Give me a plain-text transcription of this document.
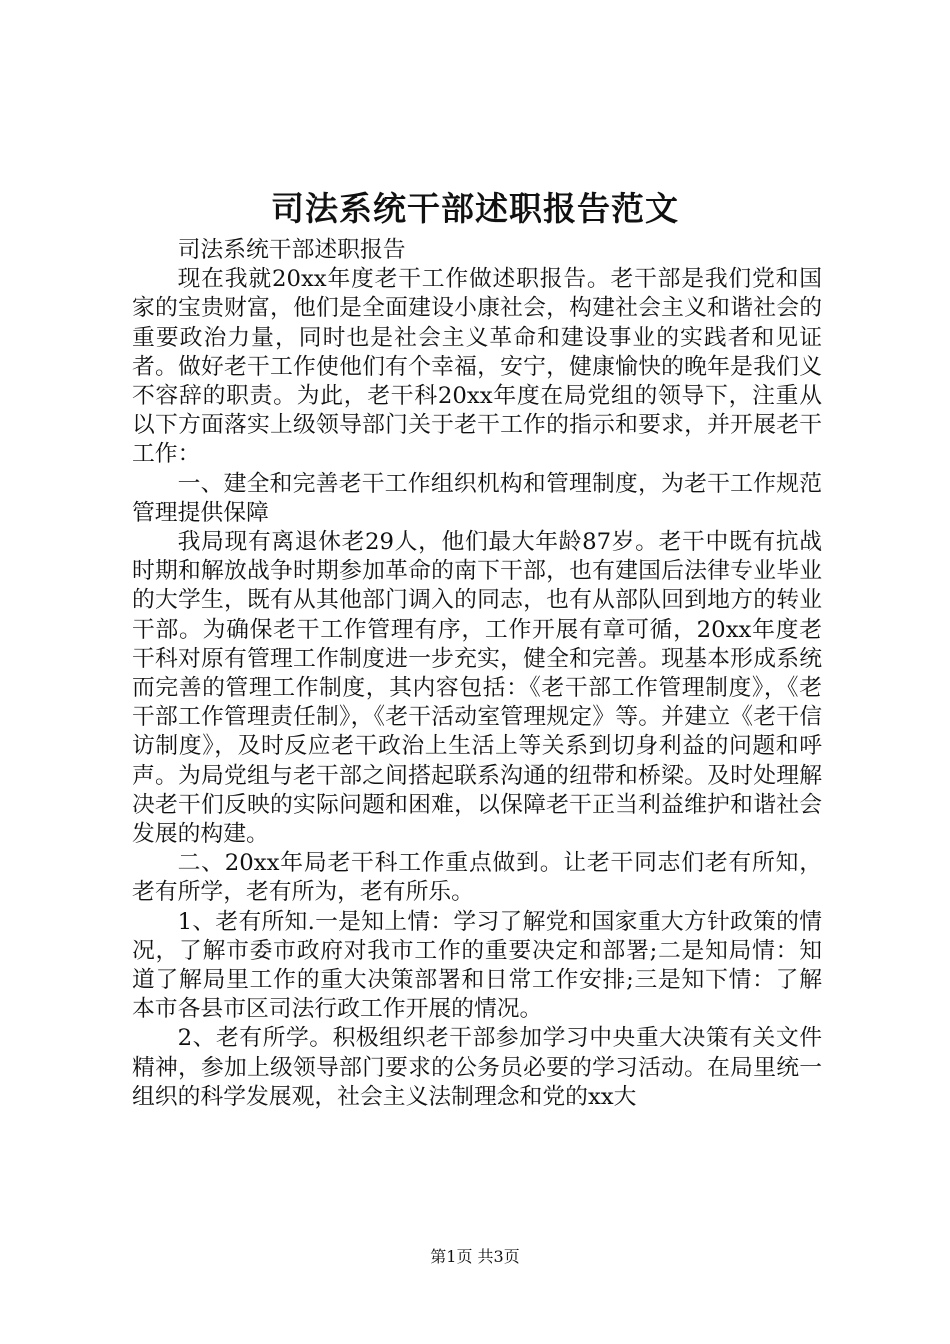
司法系统干部述职报告范文

司法系统干部述职报告

现在我就20xx年度老干工作做述职报告。老干部是我们党和国家的宝贵财富，他们是全面建设小康社会，构建社会主义和谐社会的重要政治力量，同时也是社会主义革命和建设事业的实践者和见证者。做好老干工作使他们有个幸福，安宁，健康愉快的晚年是我们义不容辞的职责。为此，老干科20xx年度在局党组的领导下，注重从以下方面落实上级领导部门关于老干工作的指示和要求，并开展老干工作：

一、建全和完善老干工作组织机构和管理制度，为老干工作规范管理提供保障

我局现有离退休老29人，他们最大年龄87岁。老干中既有抗战时期和解放战争时期参加革命的南下干部，也有建国后法律专业毕业的大学生，既有从其他部门调入的同志，也有从部队回到地方的转业干部。为确保老干工作管理有序，工作开展有章可循，20xx年度老干科对原有管理工作制度进一步充实，健全和完善。现基本形成系统而完善的管理工作制度，其内容包括：《老干部工作管理制度》，《老干部工作管理责任制》，《老干活动室管理规定》等。并建立《老干信访制度》，及时反应老干政治上生活上等关系到切身利益的问题和呼声。为局党组与老干部之间搭起联系沟通的纽带和桥梁。及时处理解决老干们反映的实际问题和困难，以保障老干正当利益维护和谐社会发展的构建。

二、20xx年局老干科工作重点做到。让老干同志们老有所知，老有所学，老有所为，老有所乐。

1、老有所知.一是知上情：学习了解党和国家重大方针政策的情况，了解市委市政府对我市工作的重要决定和部署;二是知局情：知道了解局里工作的重大决策部署和日常工作安排;三是知下情：了解本市各县市区司法行政工作开展的情况。

2、老有所学。积极组织老干部参加学习中央重大决策有关文件精神，参加上级领导部门要求的公务员必要的学习活动。在局里统一组织的科学发展观，社会主义法制理念和党的xx大

第1页 共3页
